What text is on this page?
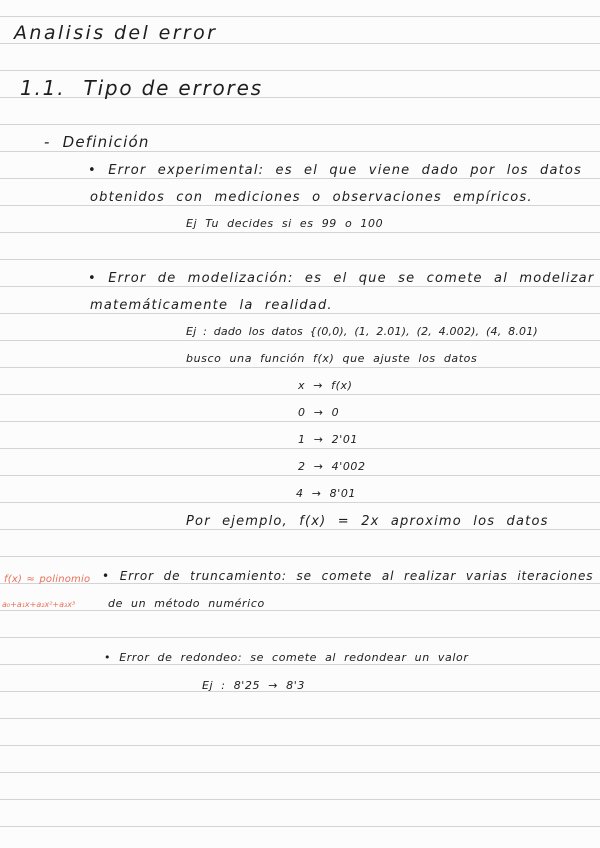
Analisis del error
1.1. Tipo de errores
- Definición
• Error experimental: es el que viene dado por los datos
obtenidos con mediciones o observaciones empíricos.
Ej Tu decides si es 99 o 100
• Error de modelización: es el que se comete al modelizar
matemáticamente la realidad.
Ej : dado los datos {(0,0), (1, 2.01), (2, 4.002), (4, 8.01)
busco una función f(x) que ajuste los datos
x → f(x)
0 → 0
1 → 2'01
2 → 4'002
4 → 8'01
Por ejemplo, f(x) = 2x aproximo los datos
f(x) ≈ polinomio • Error de truncamiento: se comete al realizar varias iteraciones
a₀+a₁x+a₂x²+a₃x³	de un método numérico
• Error de redondeo: se comete al redondear un valor
Ej : 8'25 → 8'3
